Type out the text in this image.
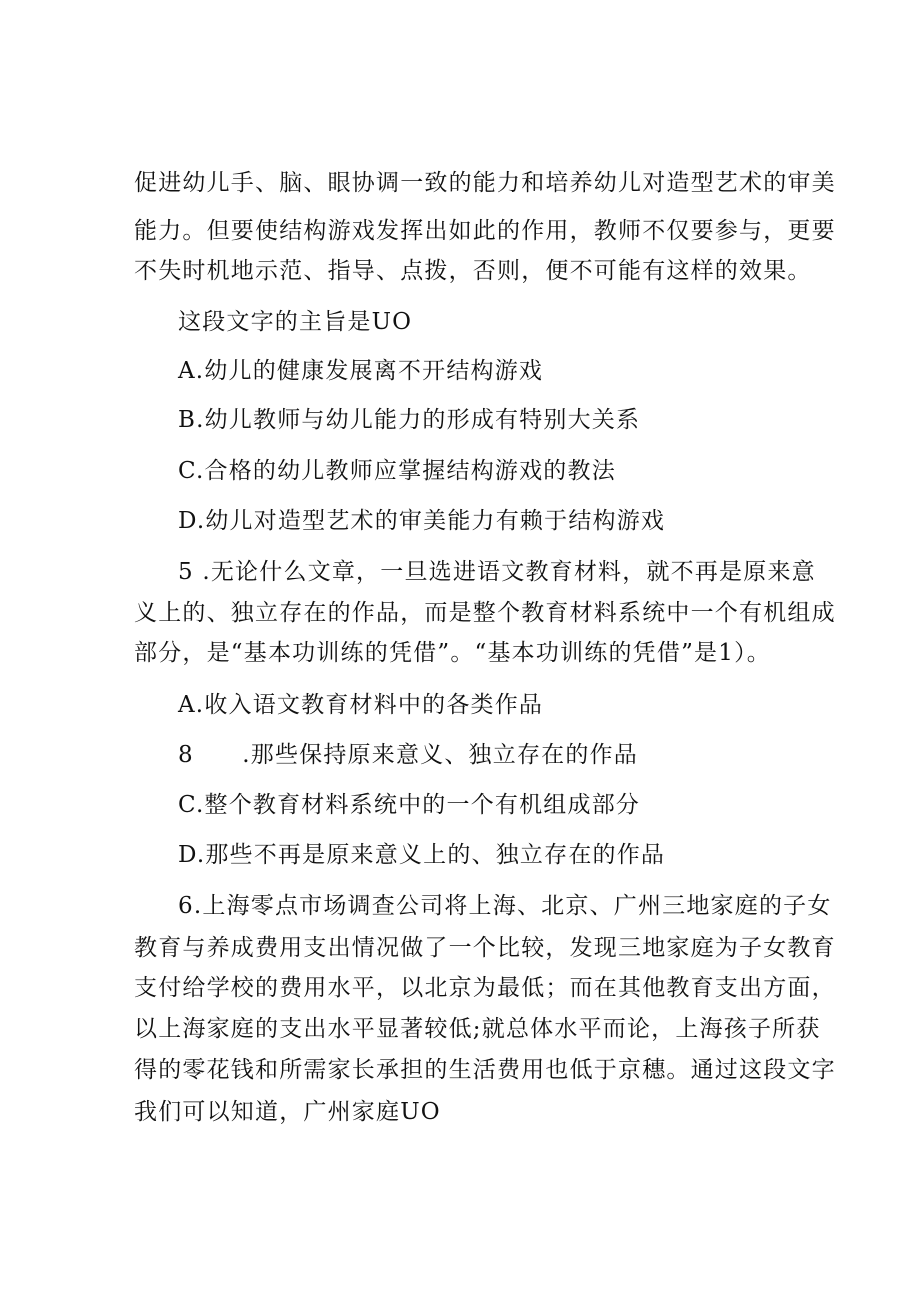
促进幼儿手、脑、眼协调一致的能力和培养幼儿对造型艺术的审美
能力。但要使结构游戏发挥出如此的作用，教师不仅要参与，更要
不失时机地示范、指导、点拨，否则，便不可能有这样的效果。
这段文字的主旨是UO
A.幼儿的健康发展离不开结构游戏
B.幼儿教师与幼儿能力的形成有特别大关系
C.合格的幼儿教师应掌握结构游戏的教法
D.幼儿对造型艺术的审美能力有赖于结构游戏
5 .无论什么文章，一旦选进语文教育材料，就不再是原来意
义上的、独立存在的作品，而是整个教育材料系统中一个有机组成
部分，是“基本功训练的凭借”。“基本功训练的凭借”是1）。
A.收入语文教育材料中的各类作品
8　　.那些保持原来意义、独立存在的作品
C.整个教育材料系统中的一个有机组成部分
D.那些不再是原来意义上的、独立存在的作品
6.上海零点市场调查公司将上海、北京、广州三地家庭的子女
教育与养成费用支出情况做了一个比较，发现三地家庭为子女教育
支付给学校的费用水平，以北京为最低；而在其他教育支出方面，
以上海家庭的支出水平显著较低;就总体水平而论，上海孩子所获
得的零花钱和所需家长承担的生活费用也低于京穗。通过这段文字
我们可以知道，广州家庭UO
